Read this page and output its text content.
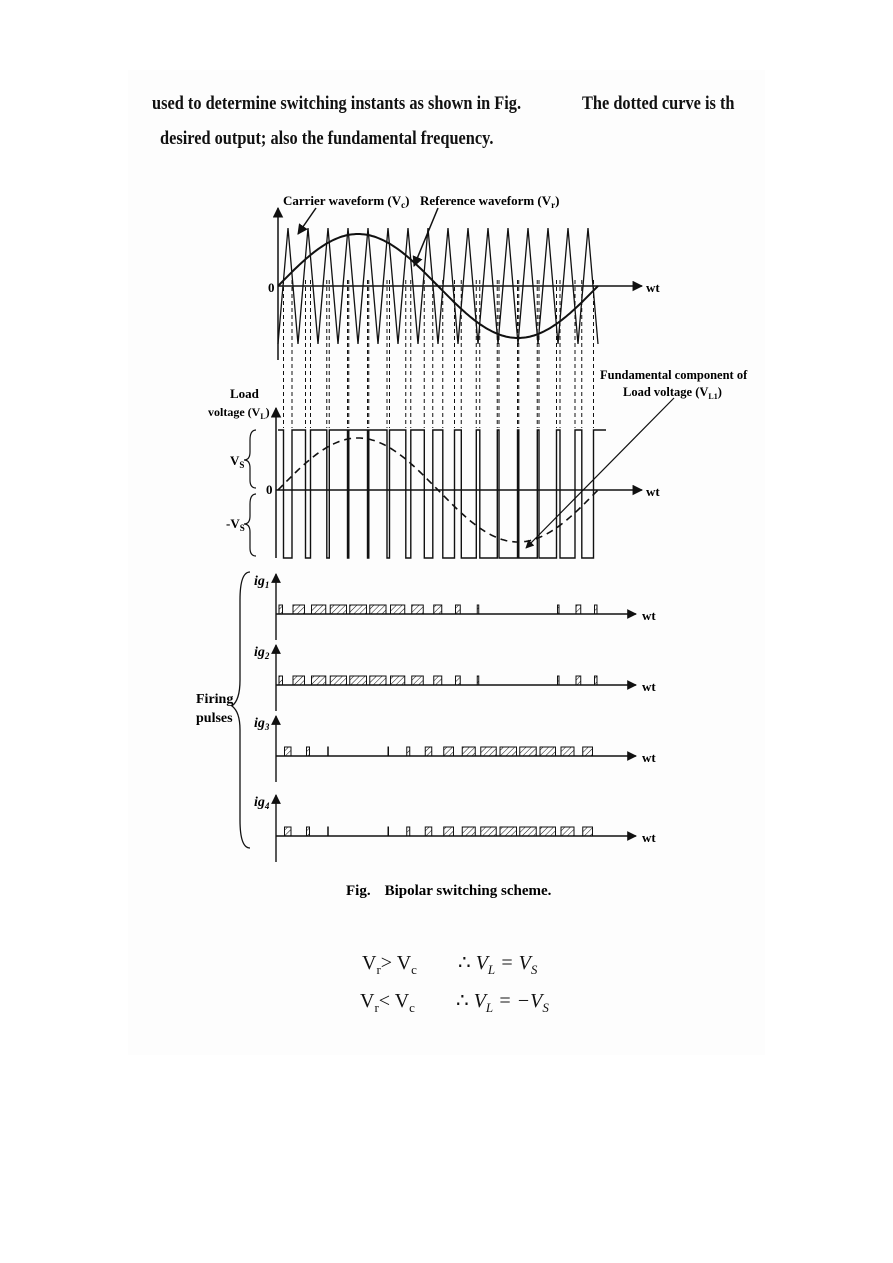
used to determine switching instants as shown in Fig.	The dotted curve is th
desired output; also the fundamental frequency.
Carrier waveform $(V_c)$ Reference waveform $(V_r)$
0	wt
Load
voltage $(V_L)$
$V_S$
0	wt
$-V_S$
Fundamental component of
Load voltage $(V_{L1})$
Firing
pulses
$ig_1$
$ig_2$
$ig_3$
$ig_4$
wt
wt
wt
wt
Fig. Bipolar switching scheme.
$V_r> V_c$ ∴ $V_L = V_S$
$V_r< V_c$ ∴ $V_L = -V_S$
